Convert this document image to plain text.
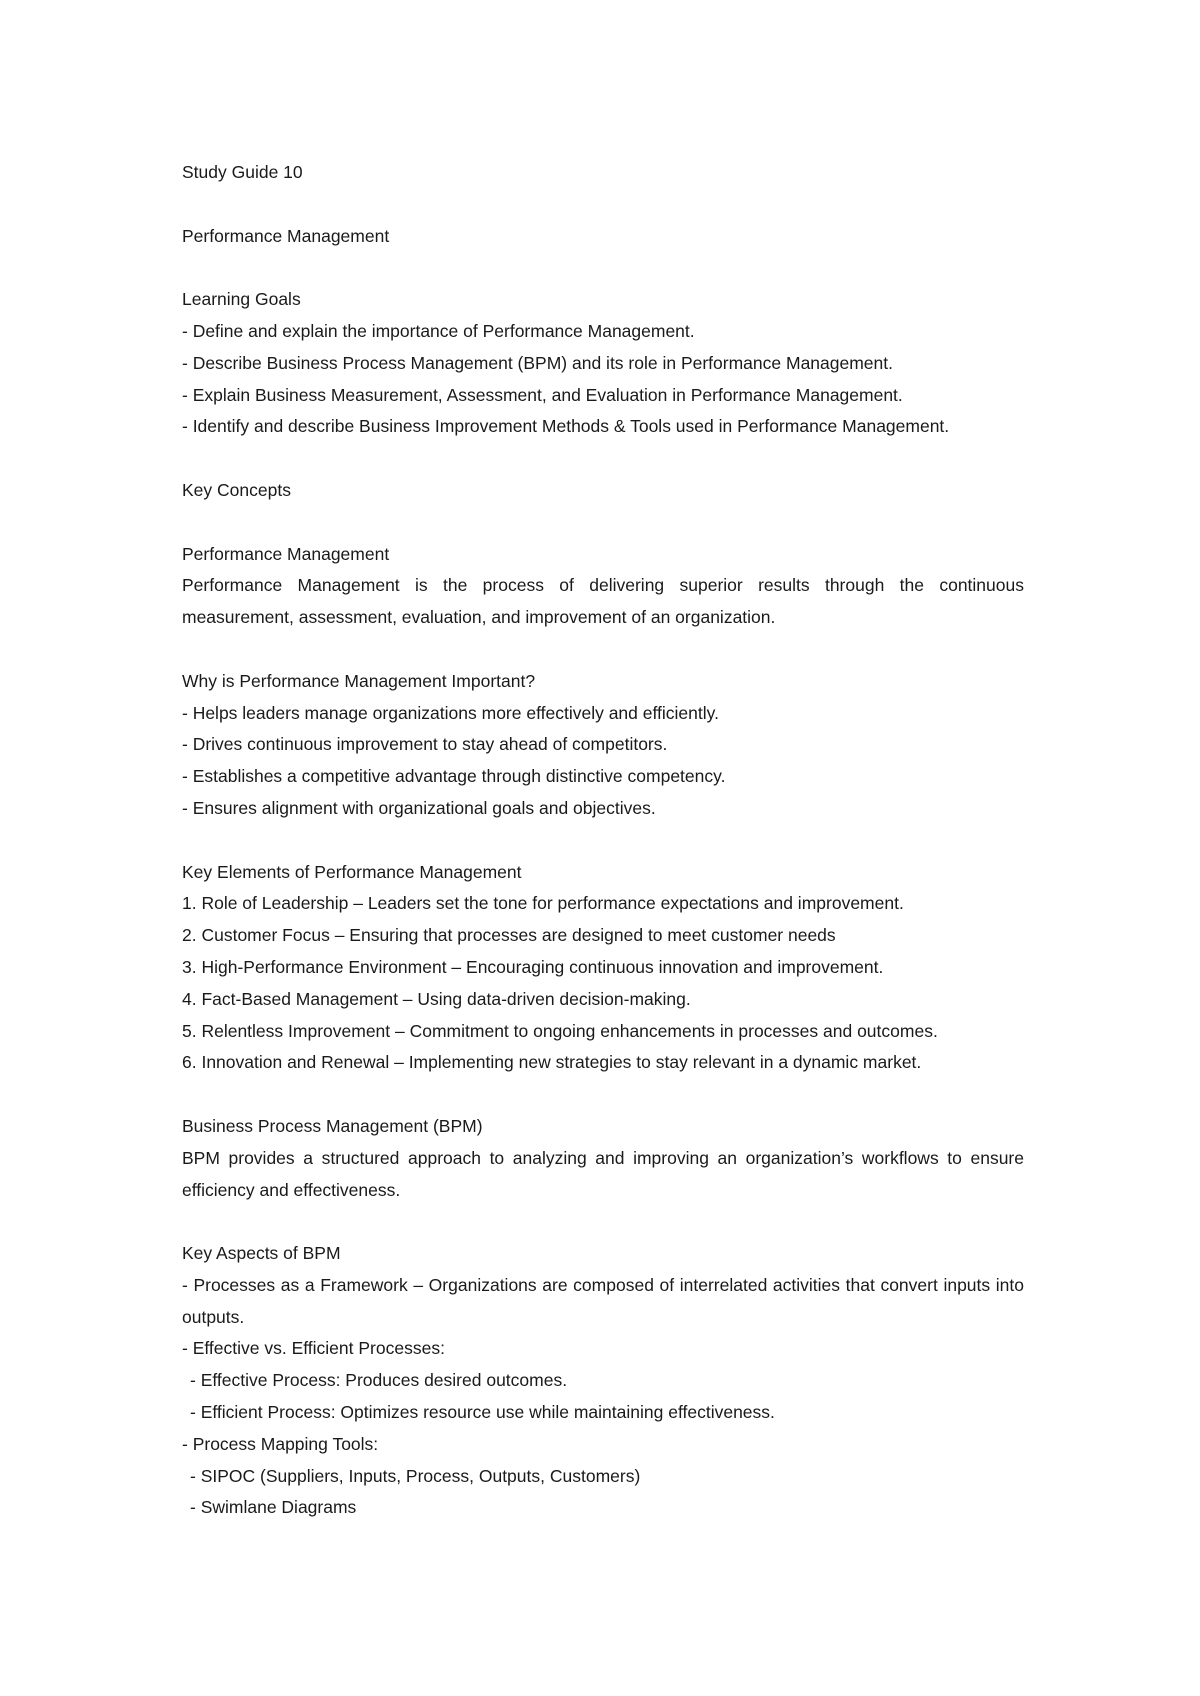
Study Guide 10

Performance Management

Learning Goals

- Define and explain the importance of Performance Management.

- Describe Business Process Management (BPM) and its role in Performance Management.

- Explain Business Measurement, Assessment, and Evaluation in Performance Management.

- Identify and describe Business Improvement Methods & Tools used in Performance Management.

Key Concepts

Performance Management

Performance Management is the process of delivering superior results through the continuous measurement, assessment, evaluation, and improvement of an organization.

Why is Performance Management Important?

- Helps leaders manage organizations more effectively and efficiently.

- Drives continuous improvement to stay ahead of competitors.

- Establishes a competitive advantage through distinctive competency.

- Ensures alignment with organizational goals and objectives.

Key Elements of Performance Management

1. Role of Leadership – Leaders set the tone for performance expectations and improvement.

2. Customer Focus – Ensuring that processes are designed to meet customer needs

3. High-Performance Environment – Encouraging continuous innovation and improvement.

4. Fact-Based Management – Using data-driven decision-making.

5. Relentless Improvement – Commitment to ongoing enhancements in processes and outcomes.

6. Innovation and Renewal – Implementing new strategies to stay relevant in a dynamic market.

Business Process Management (BPM)

BPM provides a structured approach to analyzing and improving an organization’s workflows to ensure efficiency and effectiveness.

Key Aspects of BPM

- Processes as a Framework – Organizations are composed of interrelated activities that convert inputs into outputs.

- Effective vs. Efficient Processes:

- Effective Process: Produces desired outcomes.

- Efficient Process: Optimizes resource use while maintaining effectiveness.

- Process Mapping Tools:

- SIPOC (Suppliers, Inputs, Process, Outputs, Customers)

- Swimlane Diagrams
